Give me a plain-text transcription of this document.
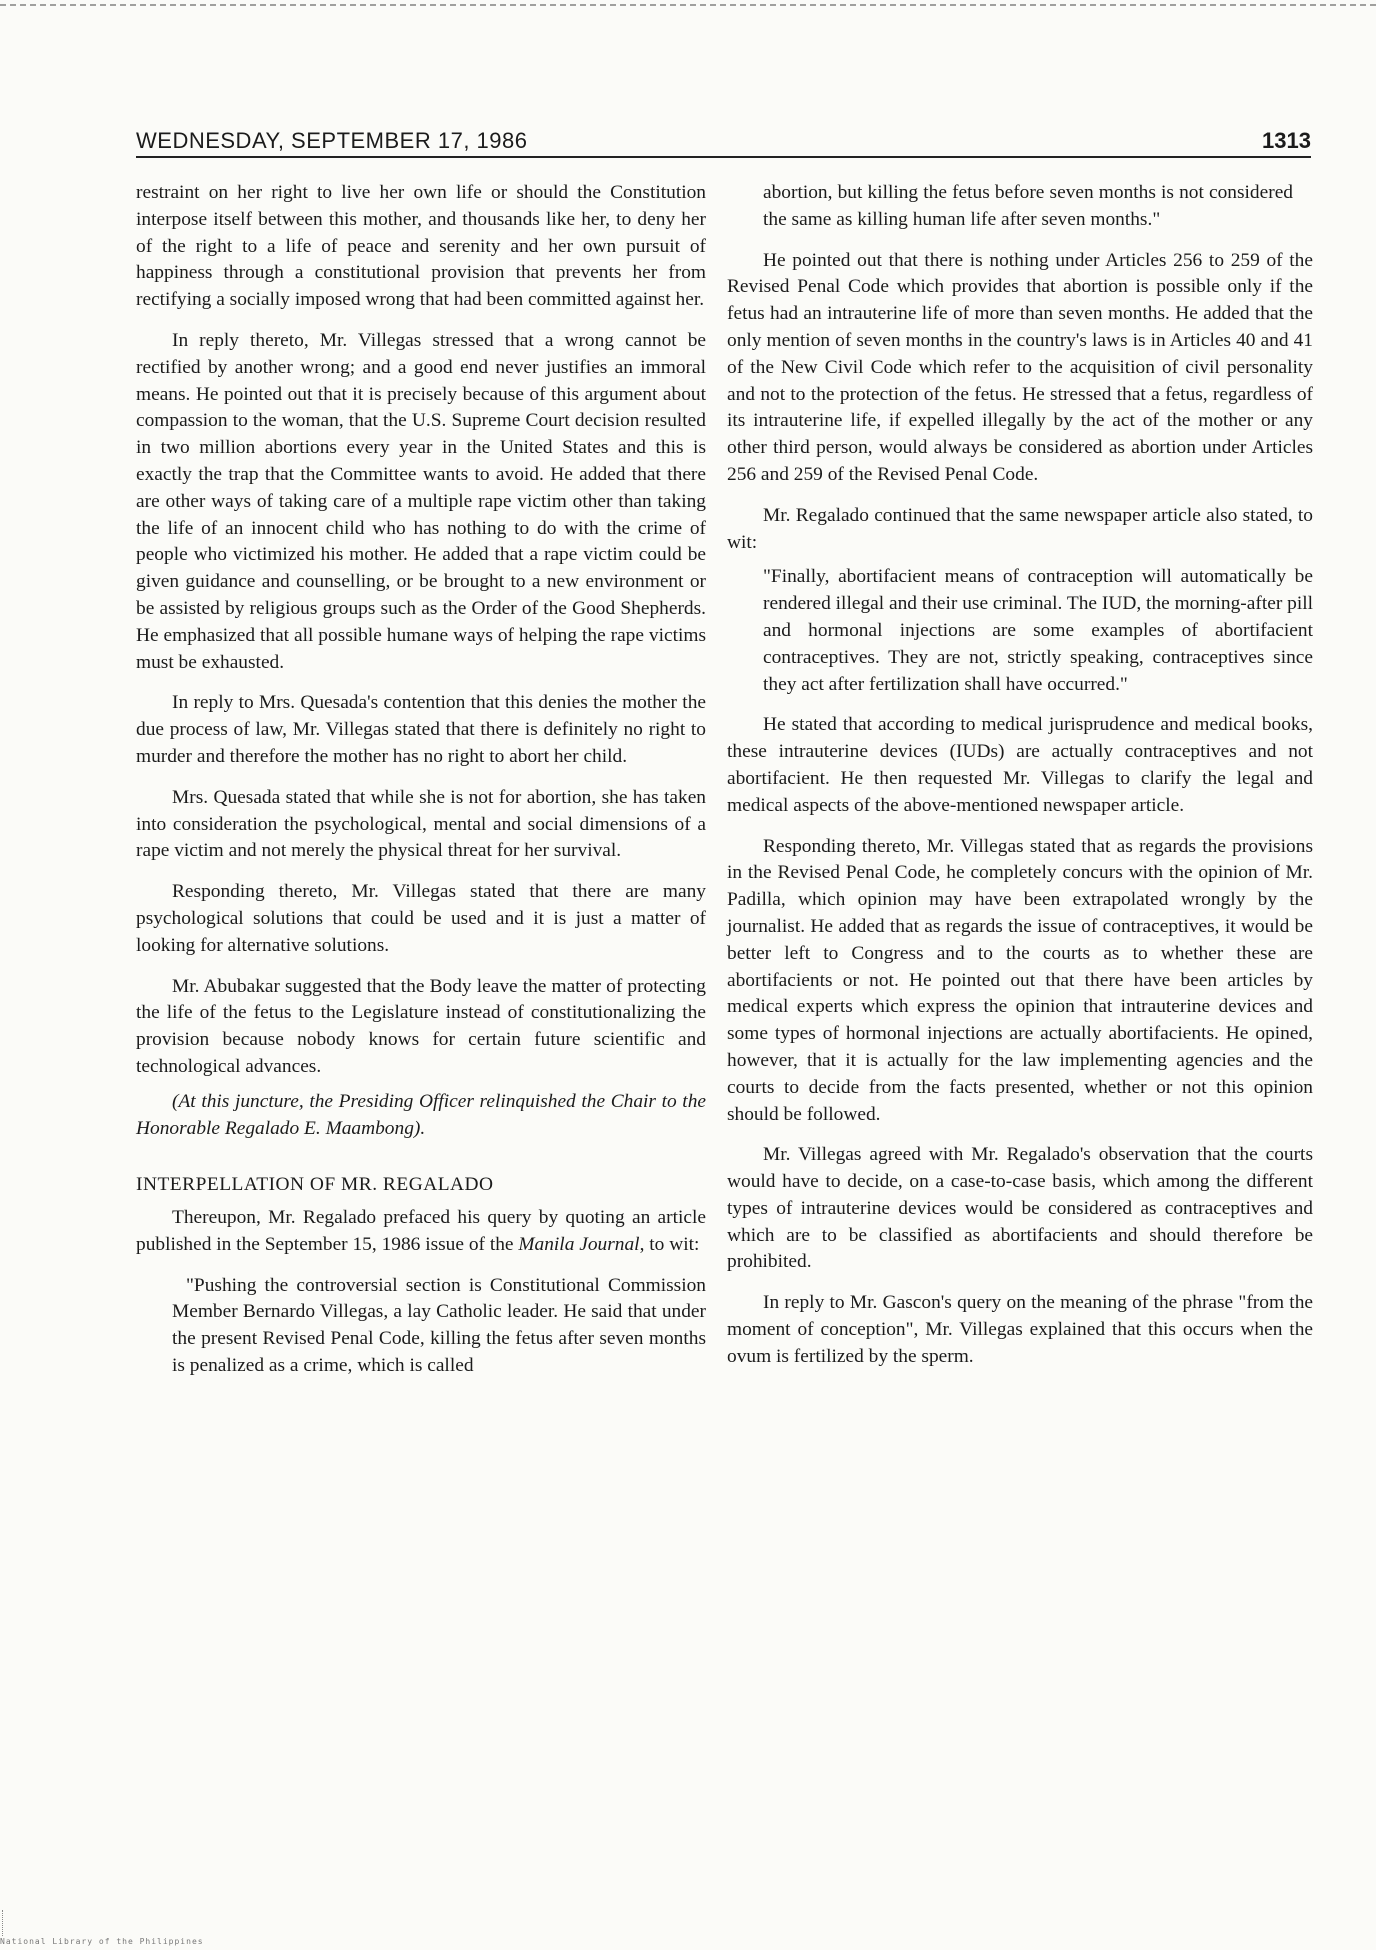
WEDNESDAY, SEPTEMBER 17, 1986	1313

restraint on her right to live her own life or should the Constitution interpose itself between this mother, and thousands like her, to deny her of the right to a life of peace and serenity and her own pursuit of happiness through a constitutional provision that prevents her from rectifying a socially imposed wrong that had been committed against her.

In reply thereto, Mr. Villegas stressed that a wrong cannot be rectified by another wrong; and a good end never justifies an immoral means. He pointed out that it is precisely because of this argument about compassion to the woman, that the U.S. Supreme Court decision resulted in two million abortions every year in the United States and this is exactly the trap that the Committee wants to avoid. He added that there are other ways of taking care of a multiple rape victim other than taking the life of an innocent child who has nothing to do with the crime of people who victimized his mother. He added that a rape victim could be given guidance and counselling, or be brought to a new environment or be assisted by religious groups such as the Order of the Good Shepherds. He emphasized that all possible humane ways of helping the rape victims must be exhausted.

In reply to Mrs. Quesada's contention that this denies the mother the due process of law, Mr. Villegas stated that there is definitely no right to murder and therefore the mother has no right to abort her child.

Mrs. Quesada stated that while she is not for abortion, she has taken into consideration the psychological, mental and social dimensions of a rape victim and not merely the physical threat for her survival.

Responding thereto, Mr. Villegas stated that there are many psychological solutions that could be used and it is just a matter of looking for alternative solutions.

Mr. Abubakar suggested that the Body leave the matter of protecting the life of the fetus to the Legislature instead of constitutionalizing the provision because nobody knows for certain future scientific and technological advances.

(At this juncture, the Presiding Officer relinquished the Chair to the Honorable Regalado E. Maambong).

INTERPELLATION OF MR. REGALADO

Thereupon, Mr. Regalado prefaced his query by quoting an article published in the September 15, 1986 issue of the Manila Journal, to wit:

"Pushing the controversial section is Constitutional Commission Member Bernardo Villegas, a lay Catholic leader. He said that under the present Revised Penal Code, killing the fetus after seven months is penalized as a crime, which is called

abortion, but killing the fetus before seven months is not considered the same as killing human life after seven months."

He pointed out that there is nothing under Articles 256 to 259 of the Revised Penal Code which provides that abortion is possible only if the fetus had an intrauterine life of more than seven months. He added that the only mention of seven months in the country's laws is in Articles 40 and 41 of the New Civil Code which refer to the acquisition of civil personality and not to the protection of the fetus. He stressed that a fetus, regardless of its intrauterine life, if expelled illegally by the act of the mother or any other third person, would always be considered as abortion under Articles 256 and 259 of the Revised Penal Code.

Mr. Regalado continued that the same newspaper article also stated, to wit:

"Finally, abortifacient means of contraception will automatically be rendered illegal and their use criminal. The IUD, the morning-after pill and hormonal injections are some examples of abortifacient contraceptives. They are not, strictly speaking, contraceptives since they act after fertilization shall have occurred."

He stated that according to medical jurisprudence and medical books, these intrauterine devices (IUDs) are actually contraceptives and not abortifacient. He then requested Mr. Villegas to clarify the legal and medical aspects of the above-mentioned newspaper article.

Responding thereto, Mr. Villegas stated that as regards the provisions in the Revised Penal Code, he completely concurs with the opinion of Mr. Padilla, which opinion may have been extrapolated wrongly by the journalist. He added that as regards the issue of contraceptives, it would be better left to Congress and to the courts as to whether these are abortifacients or not. He pointed out that there have been articles by medical experts which express the opinion that intrauterine devices and some types of hormonal injections are actually abortifacients. He opined, however, that it is actually for the law implementing agencies and the courts to decide from the facts presented, whether or not this opinion should be followed.

Mr. Villegas agreed with Mr. Regalado's observation that the courts would have to decide, on a case-to-case basis, which among the different types of intrauterine devices would be considered as contraceptives and which are to be classified as abortifacients and should therefore be prohibited.

In reply to Mr. Gascon's query on the meaning of the phrase "from the moment of conception", Mr. Villegas explained that this occurs when the ovum is fertilized by the sperm.

National Library of the Philippines
